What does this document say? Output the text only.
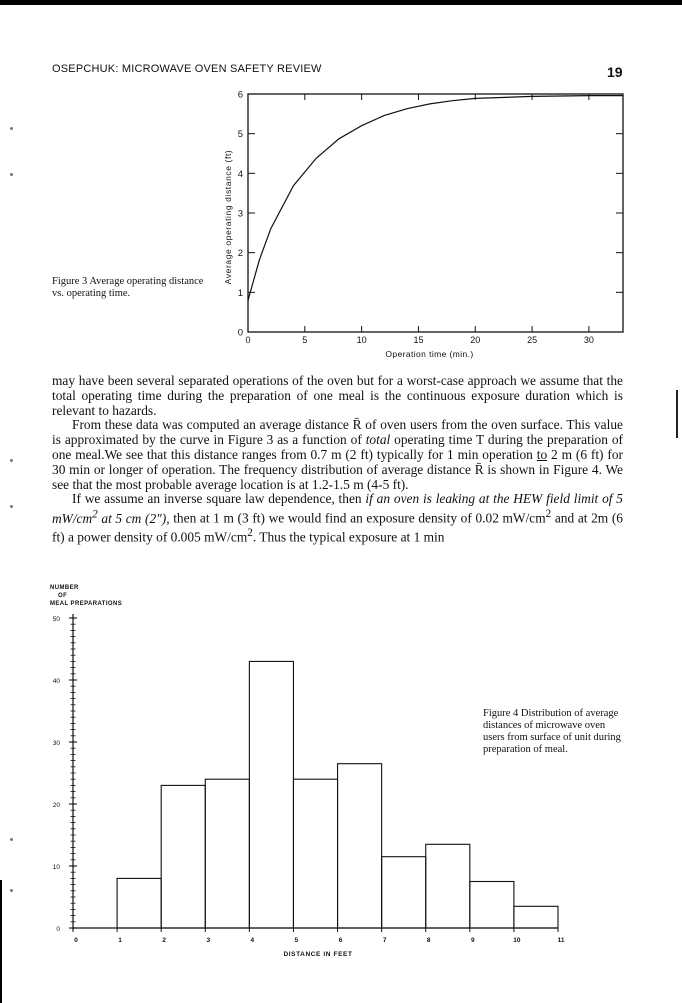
OSEPCHUK: MICROWAVE OVEN SAFETY REVIEW	19
0	5	10	15	20	25	30
0
1
2
3
4
5
6
Operation time (min.)
Average operating distance (ft)
Figure 3 Average operating distance vs. operating time.

may have been several separated operations of the oven but for a worst-case approach we assume that the total operating time during the preparation of one meal is the continuous exposure duration which is relevant to hazards.

From these data was computed an average distance R̄ of oven users from the oven surface. This value is approximated by the curve in Figure 3 as a function of total operating time T during the preparation of one meal.We see that this distance ranges from 0.7 m (2 ft) typically for 1 min operation to 2 m (6 ft) for 30 min or longer of operation. The frequency distribution of average distance R̄ is shown in Figure 4. We see that the most probable average location is at 1.2-1.5 m (4-5 ft).

If we assume an inverse square law dependence, then if an oven is leaking at the HEW field limit of 5 $mW/cm^2$ at 5 cm (2"), then at 1 m (3 ft) we would find an exposure density of 0.02 $mW/cm^2$ and at 2m (6 ft) a power density of 0.005 $mW/cm^2$. Thus the typical exposure at 1 min

0
10
20
30
40
50
0	1	2	3	4	5	6	7	8	9	10	11
NUMBER
OF
MEAL PREPARATIONS
DISTANCE IN FEET
Figure 4 Distribution of average distances of microwave oven users from surface of unit during preparation of meal.
